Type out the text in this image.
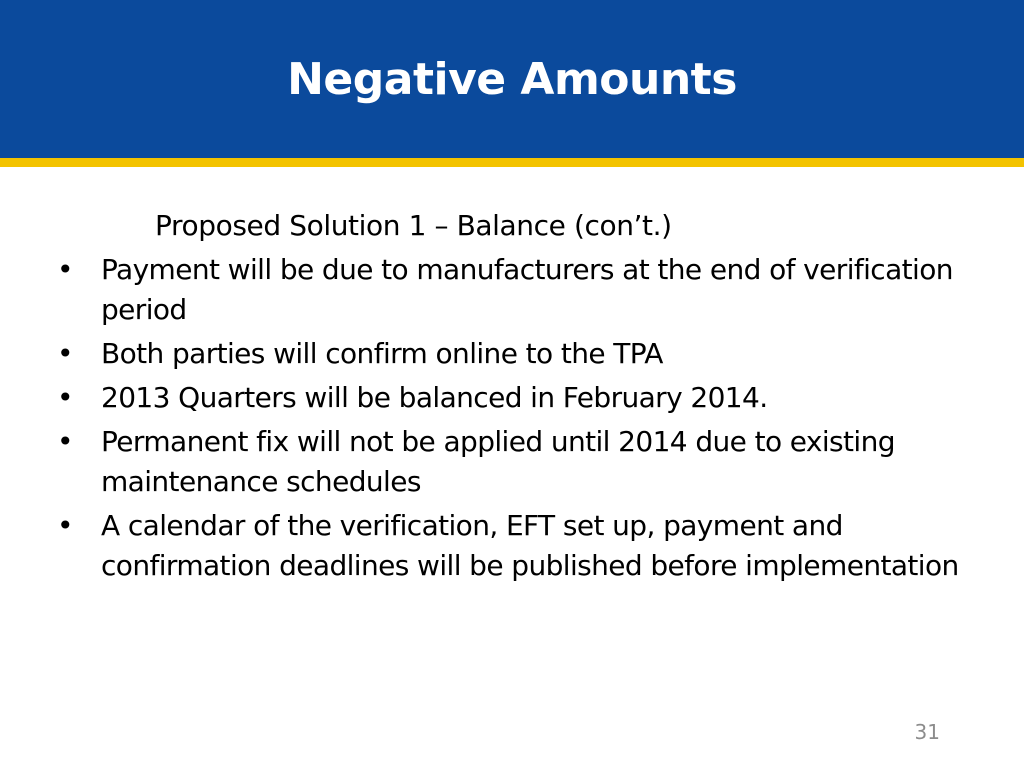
Negative Amounts
Proposed Solution 1 – Balance (con’t.)
• Payment will be due to manufacturers at the end of verification period
• Both parties will confirm online to the TPA
• 2013 Quarters will be balanced in February 2014.
• Permanent fix will not be applied until 2014 due to existing maintenance schedules
• A calendar of the verification, EFT set up, payment and confirmation deadlines will be published before implementation
31
